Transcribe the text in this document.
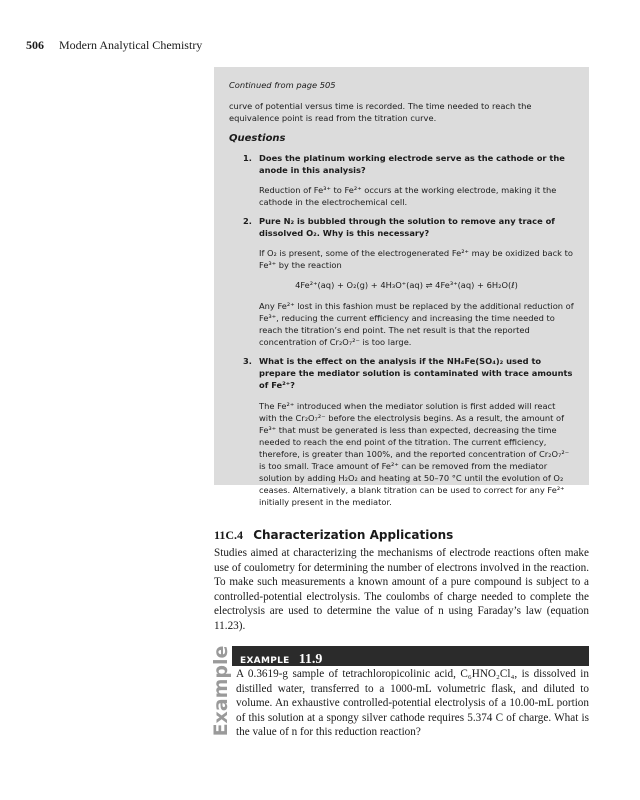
506 Modern Analytical Chemistry

Continued from page 505

curve of potential versus time is recorded. The time needed to reach the equivalence point is read from the titration curve.

Questions

1. Does the platinum working electrode serve as the cathode or the anode in this analysis?

Reduction of Fe³⁺ to Fe²⁺ occurs at the working electrode, making it the cathode in the electrochemical cell.

2. Pure N₂ is bubbled through the solution to remove any trace of dissolved O₂. Why is this necessary?

If O₂ is present, some of the electrogenerated Fe²⁺ may be oxidized back to Fe³⁺ by the reaction

4Fe²⁺(aq) + O₂(g) + 4H₃O⁺(aq) ⇌ 4Fe³⁺(aq) + 6H₂O(ℓ)

Any Fe²⁺ lost in this fashion must be replaced by the additional reduction of Fe³⁺, reducing the current efficiency and increasing the time needed to reach the titration’s end point. The net result is that the reported concentration of Cr₂O₇²⁻ is too large.

3. What is the effect on the analysis if the NH₄Fe(SO₄)₂ used to prepare the mediator solution is contaminated with trace amounts of Fe²⁺?

The Fe²⁺ introduced when the mediator solution is first added will react with the Cr₂O₇²⁻ before the electrolysis begins. As a result, the amount of Fe³⁺ that must be generated is less than expected, decreasing the time needed to reach the end point of the titration. The current efficiency, therefore, is greater than 100%, and the reported concentration of Cr₂O₇²⁻ is too small. Trace amount of Fe²⁺ can be removed from the mediator solution by adding H₂O₂ and heating at 50–70 °C until the evolution of O₂ ceases. Alternatively, a blank titration can be used to correct for any Fe²⁺ initially present in the mediator.

11C.4 Characterization Applications

Studies aimed at characterizing the mechanisms of electrode reactions often make use of coulometry for determining the number of electrons involved in the reaction. To make such measurements a known amount of a pure compound is subject to a controlled-potential electrolysis. The coulombs of charge needed to complete the electrolysis are used to determine the value of n using Faraday’s law (equation 11.23).

Example EXAMPLE 11.9

A 0.3619-g sample of tetrachloropicolinic acid, C₆HNO₂Cl₄, is dissolved in distilled water, transferred to a 1000-mL volumetric flask, and diluted to volume. An exhaustive controlled-potential electrolysis of a 10.00-mL portion of this solution at a spongy silver cathode requires 5.374 C of charge. What is the value of n for this reduction reaction?
